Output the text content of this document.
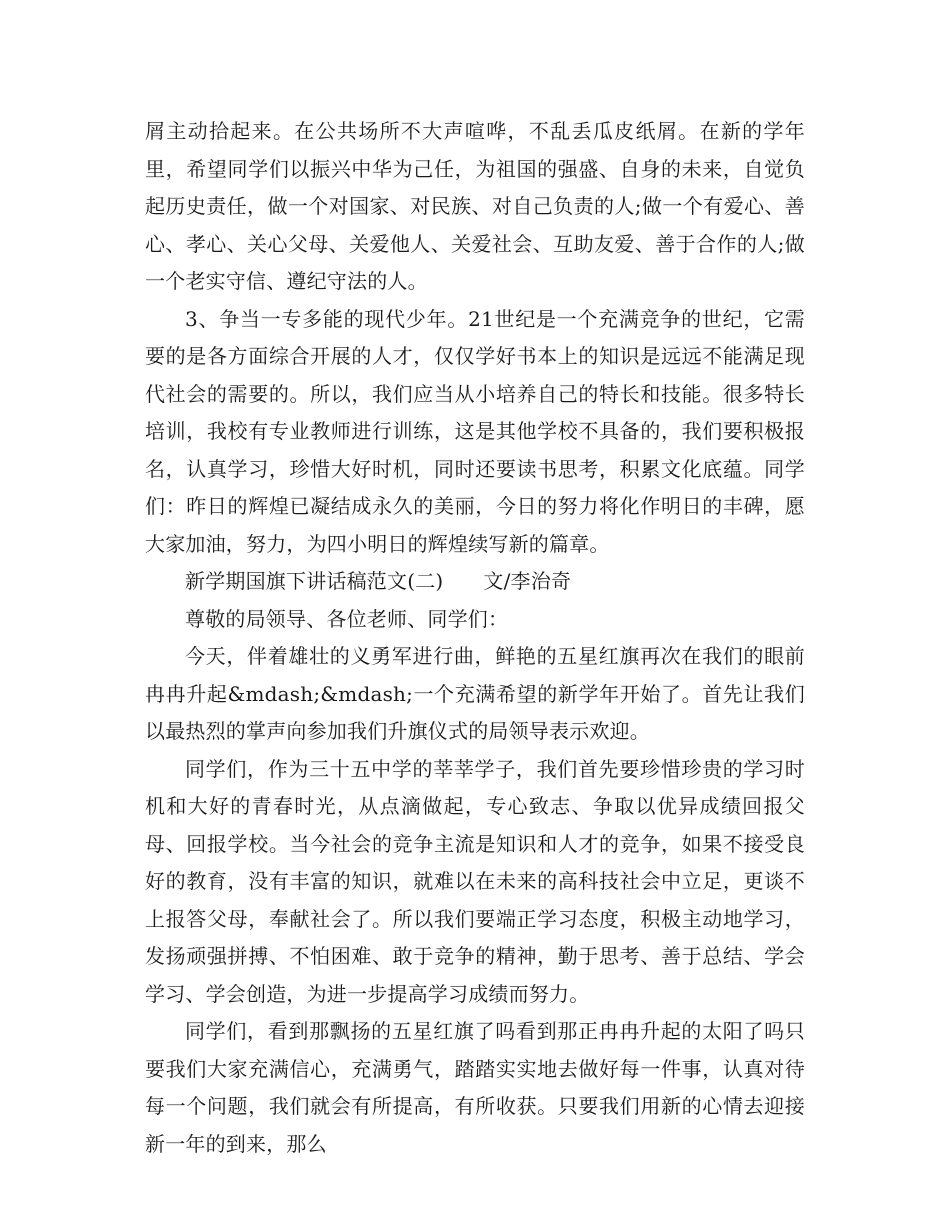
屑主动拾起来。在公共场所不大声喧哗，不乱丢瓜皮纸屑。在新的学年里，希望同学们以振兴中华为己任，为祖国的强盛、自身的未来，自觉负起历史责任，做一个对国家、对民族、对自己负责的人;做一个有爱心、善心、孝心、关心父母、关爱他人、关爱社会、互助友爱、善于合作的人;做一个老实守信、遵纪守法的人。

3、争当一专多能的现代少年。21世纪是一个充满竞争的世纪，它需要的是各方面综合开展的人才，仅仅学好书本上的知识是远远不能满足现代社会的需要的。所以，我们应当从小培养自己的特长和技能。很多特长培训，我校有专业教师进行训练，这是其他学校不具备的，我们要积极报名，认真学习，珍惜大好时机，同时还要读书思考，积累文化底蕴。同学们：昨日的辉煌已凝结成永久的美丽，今日的努力将化作明日的丰碑，愿大家加油，努力，为四小明日的辉煌续写新的篇章。

新学期国旗下讲话稿范文(二) 文/李治奇

尊敬的局领导、各位老师、同学们：

今天，伴着雄壮的义勇军进行曲，鲜艳的五星红旗再次在我们的眼前冉冉升起&mdash;&mdash;一个充满希望的新学年开始了。首先让我们以最热烈的掌声向参加我们升旗仪式的局领导表示欢迎。

同学们，作为三十五中学的莘莘学子，我们首先要珍惜珍贵的学习时机和大好的青春时光，从点滴做起，专心致志、争取以优异成绩回报父母、回报学校。当今社会的竞争主流是知识和人才的竞争，如果不接受良好的教育，没有丰富的知识，就难以在未来的高科技社会中立足，更谈不上报答父母，奉献社会了。所以我们要端正学习态度，积极主动地学习，发扬顽强拼搏、不怕困难、敢于竞争的精神，勤于思考、善于总结、学会学习、学会创造，为进一步提高学习成绩而努力。

同学们，看到那飘扬的五星红旗了吗看到那正冉冉升起的太阳了吗只要我们大家充满信心，充满勇气，踏踏实实地去做好每一件事，认真对待每一个问题，我们就会有所提高，有所收获。只要我们用新的心情去迎接新一年的到来，那么
